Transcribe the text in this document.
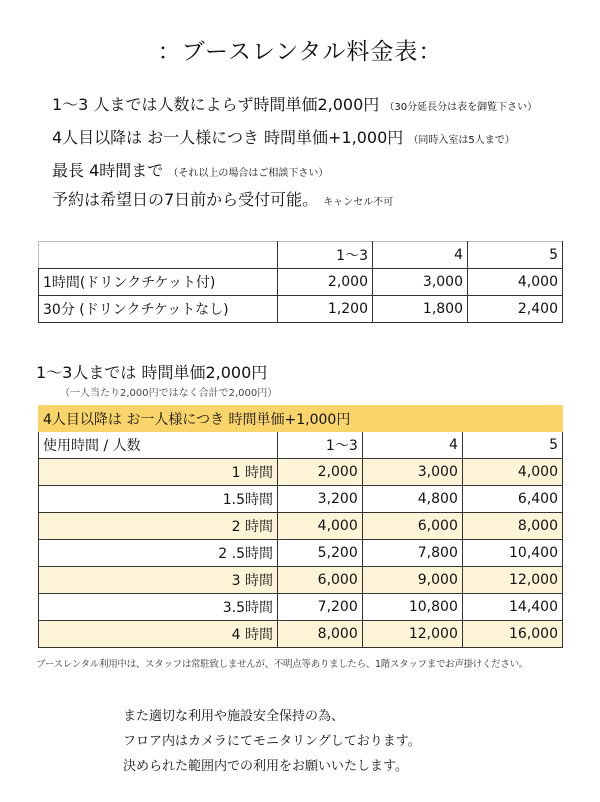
：ブースレンタル料金表：
1〜3 人までは人数によらず時間単価2,000円 （30分延長分は表を御覧下さい）
4人目以降は お一人様につき 時間単価+1,000円 （同時入室は5人まで）
最長 4時間まで （それ以上の場合はご相談下さい）
予約は希望日の7日前から受付可能。 キャンセル不可
	1〜3	4	5
1時間(ドリンクチケット付)	2,000	3,000	4,000
30分 (ドリンクチケットなし)	1,200	1,800	2,400
1〜3人までは 時間単価2,000円
（一人当たり2,000円ではなく合計で2,000円）
4人目以降は お一人様につき 時間単価+1,000円			
使用時間 / 人数	1〜3	4	5
1 時間	2,000	3,000	4,000
1.5時間	3,200	4,800	6,400
2 時間	4,000	6,000	8,000
2 .5時間	5,200	7,800	10,400
3 時間	6,000	9,000	12,000
3.5時間	7,200	10,800	14,400
4 時間	8,000	12,000	16,000
ブースレンタル利用中は、スタッフは常駐致しませんが、不明点等ありましたら、1階スタッフまでお声掛けください。
また適切な利用や施設安全保持の為、
フロア内はカメラにてモニタリングしております。
決められた範囲内での利用をお願いいたします。
